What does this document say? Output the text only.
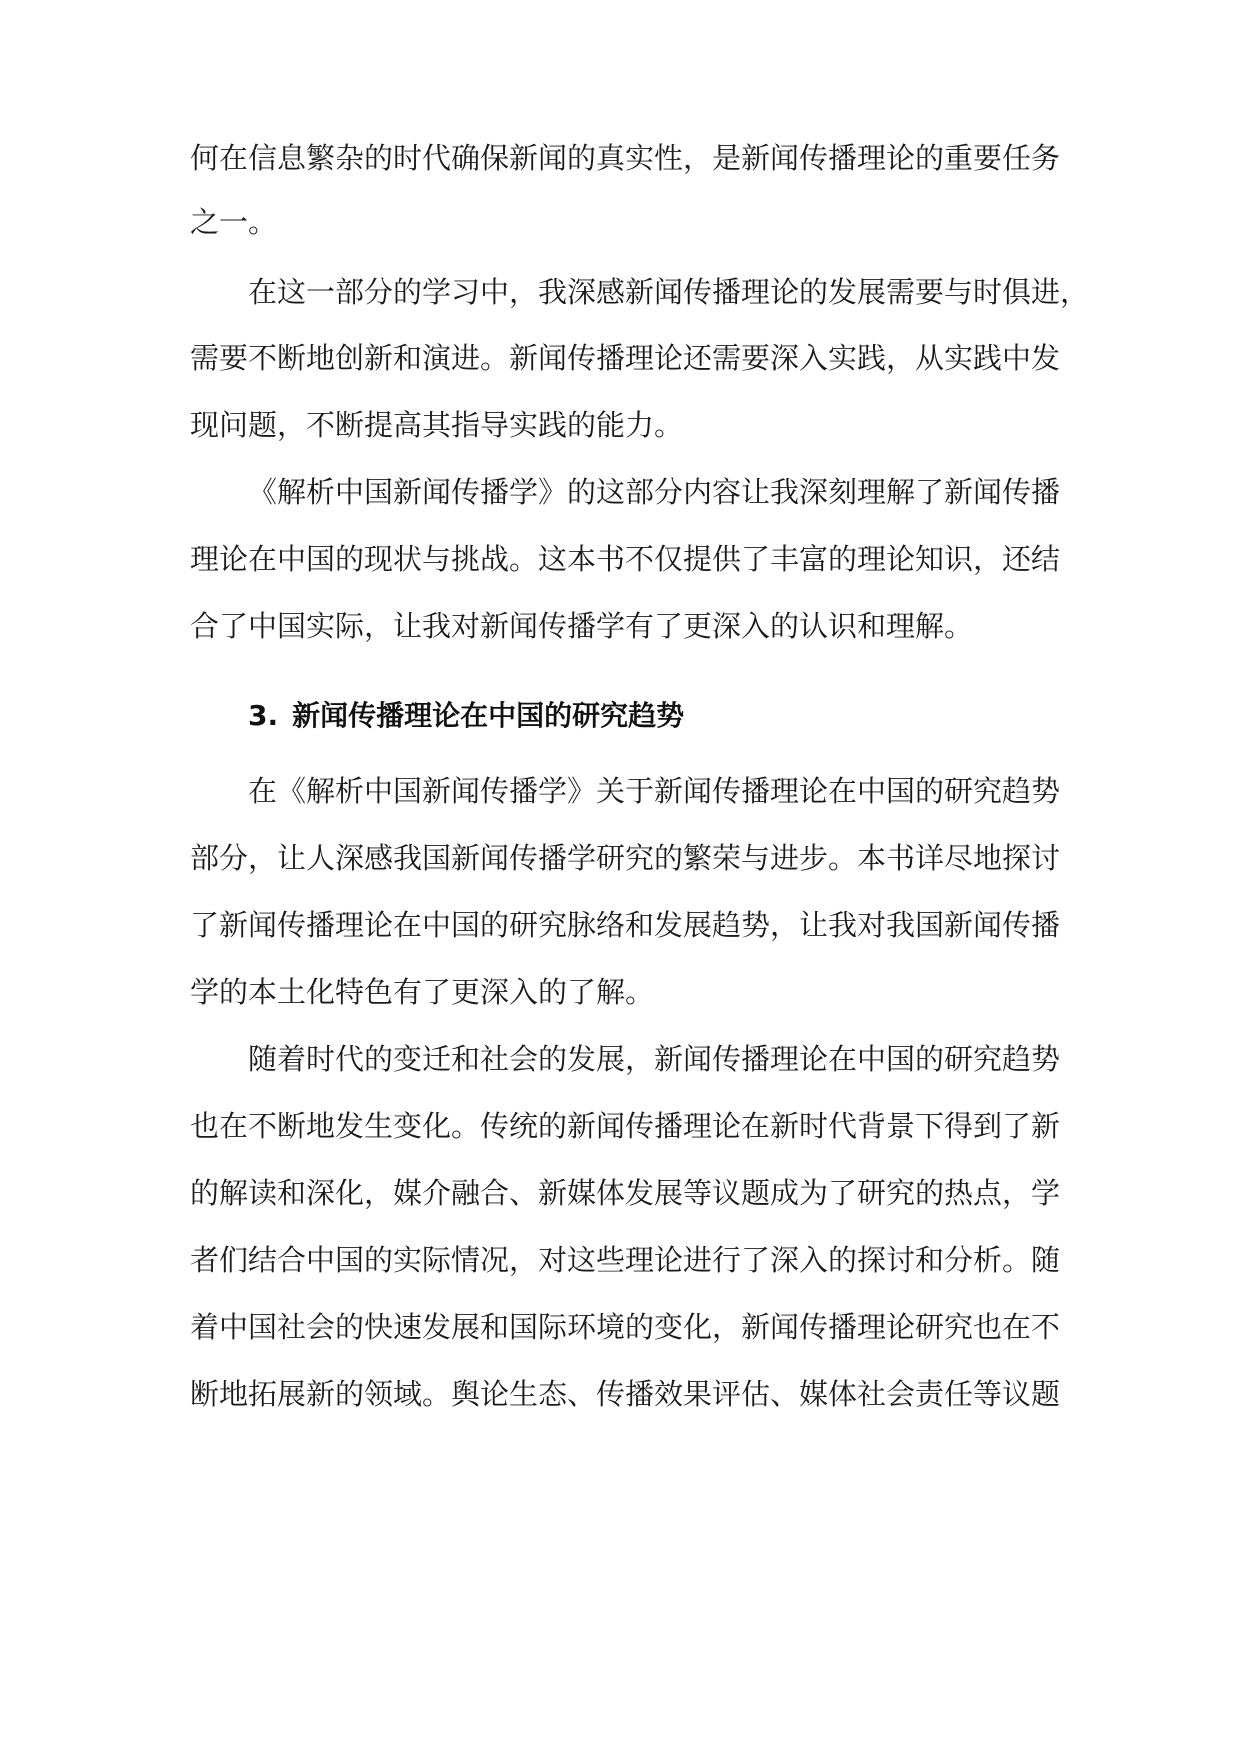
何在信息繁杂的时代确保新闻的真实性，是新闻传播理论的重要任务
之一。
在这一部分的学习中，我深感新闻传播理论的发展需要与时俱进，
需要不断地创新和演进。新闻传播理论还需要深入实践，从实践中发
现问题，不断提高其指导实践的能力。
《解析中国新闻传播学》的这部分内容让我深刻理解了新闻传播
理论在中国的现状与挑战。这本书不仅提供了丰富的理论知识，还结
合了中国实际，让我对新闻传播学有了更深入的认识和理解。
3. 新闻传播理论在中国的研究趋势
在《解析中国新闻传播学》关于新闻传播理论在中国的研究趋势
部分，让人深感我国新闻传播学研究的繁荣与进步。本书详尽地探讨
了新闻传播理论在中国的研究脉络和发展趋势，让我对我国新闻传播
学的本土化特色有了更深入的了解。
随着时代的变迁和社会的发展，新闻传播理论在中国的研究趋势
也在不断地发生变化。传统的新闻传播理论在新时代背景下得到了新
的解读和深化，媒介融合、新媒体发展等议题成为了研究的热点，学
者们结合中国的实际情况，对这些理论进行了深入的探讨和分析。随
着中国社会的快速发展和国际环境的变化，新闻传播理论研究也在不
断地拓展新的领域。舆论生态、传播效果评估、媒体社会责任等议题
